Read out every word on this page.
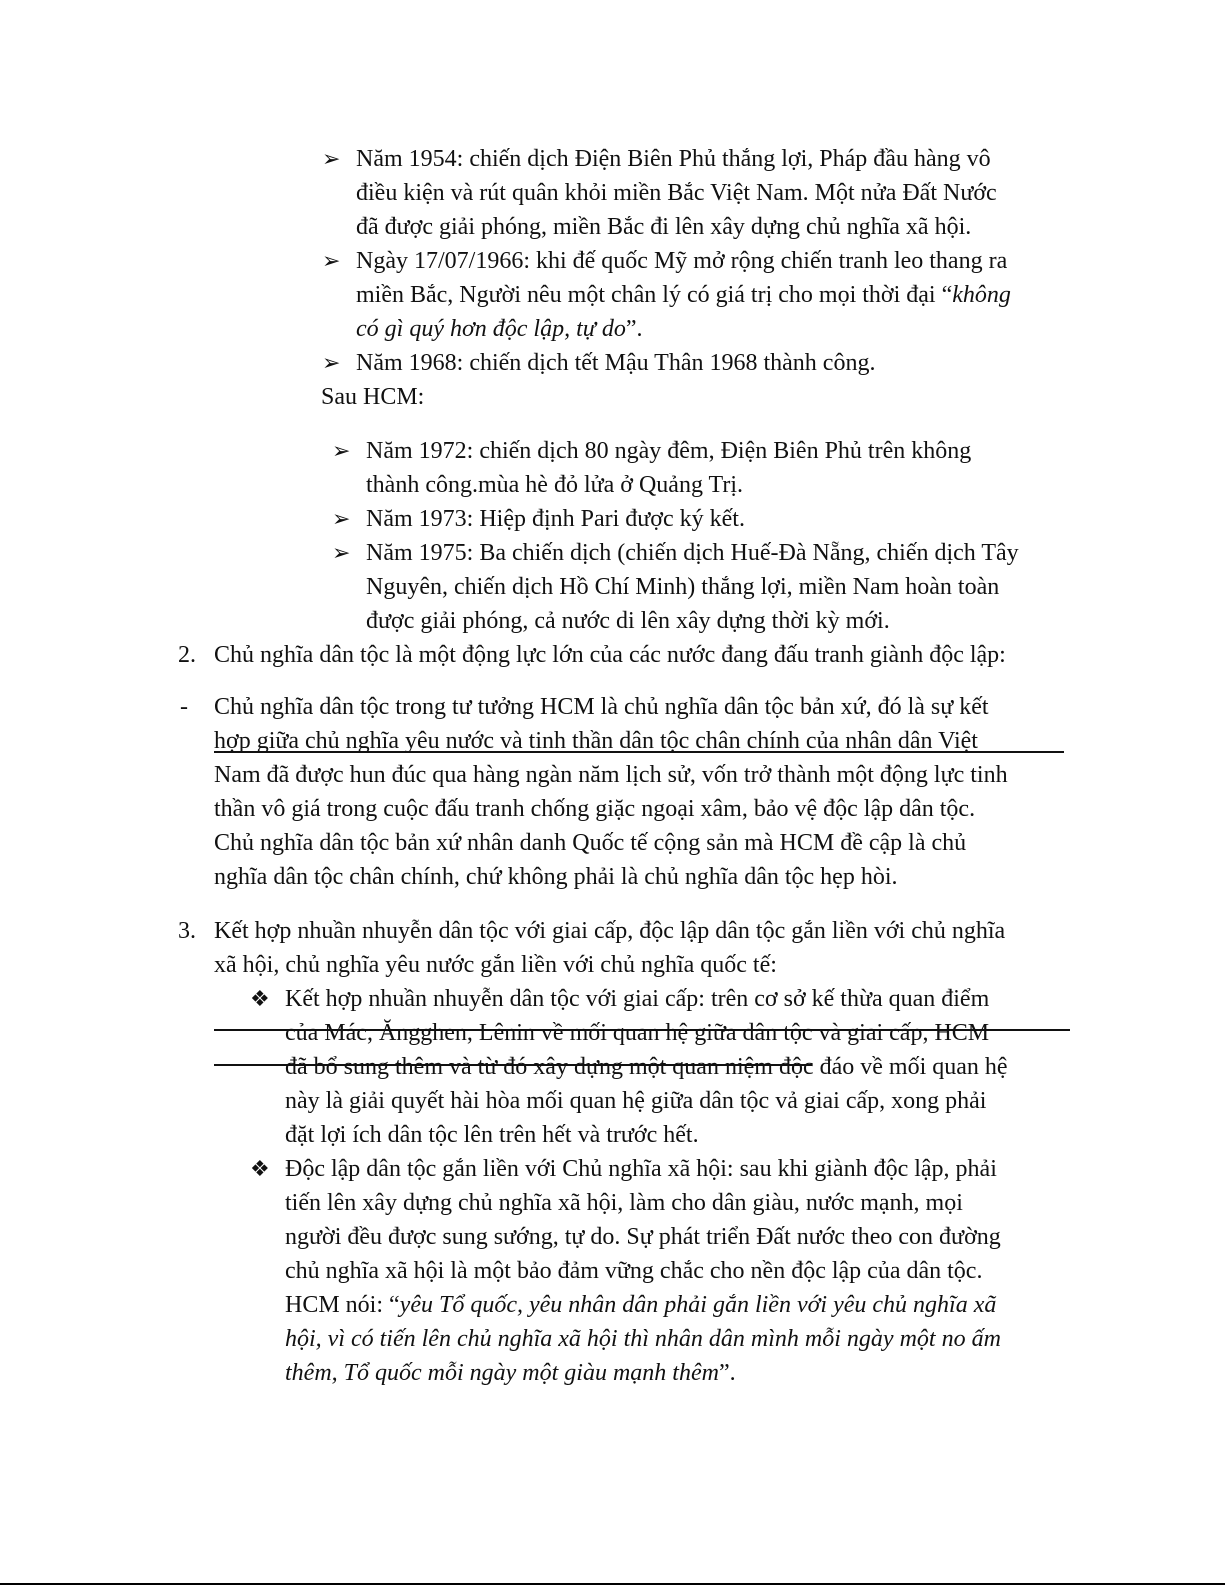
➢ Năm 1954: chiến dịch Điện Biên Phủ thắng lợi, Pháp đầu hàng vô
điều kiện và rút quân khỏi miền Bắc Việt Nam. Một nửa Đất Nước
đã được giải phóng, miền Bắc đi lên xây dựng chủ nghĩa xã hội.
➢ Ngày 17/07/1966: khi đế quốc Mỹ mở rộng chiến tranh leo thang ra
miền Bắc, Người nêu một chân lý có giá trị cho mọi thời đại “không
có gì quý hơn độc lập, tự do”.
➢ Năm 1968: chiến dịch tết Mậu Thân 1968 thành công.
Sau HCM:
➢ Năm 1972: chiến dịch 80 ngày đêm, Điện Biên Phủ trên không
thành công.mùa hè đỏ lửa ở Quảng Trị.
➢ Năm 1973: Hiệp định Pari được ký kết.
➢ Năm 1975: Ba chiến dịch (chiến dịch Huế-Đà Nẵng, chiến dịch Tây
Nguyên, chiến dịch Hồ Chí Minh) thắng lợi, miền Nam hoàn toàn
được giải phóng, cả nước di lên xây dựng thời kỳ mới.
2. Chủ nghĩa dân tộc là một động lực lớn của các nước đang đấu tranh giành độc lập:
- Chủ nghĩa dân tộc trong tư tưởng HCM là chủ nghĩa dân tộc bản xứ, đó là sự kết
hợp giữa chủ nghĩa yêu nước và tinh thần dân tộc chân chính của nhân dân Việt
Nam đã được hun đúc qua hàng ngàn năm lịch sử, vốn trở thành một động lực tinh
thần vô giá trong cuộc đấu tranh chống giặc ngoại xâm, bảo vệ độc lập dân tộc.
Chủ nghĩa dân tộc bản xứ nhân danh Quốc tế cộng sản mà HCM đề cập là chủ
nghĩa dân tộc chân chính, chứ không phải là chủ nghĩa dân tộc hẹp hòi.
3. Kết hợp nhuần nhuyễn dân tộc với giai cấp, độc lập dân tộc gắn liền với chủ nghĩa
xã hội, chủ nghĩa yêu nước gắn liền với chủ nghĩa quốc tế:
❖ Kết hợp nhuần nhuyễn dân tộc với giai cấp: trên cơ sở kế thừa quan điểm
của Mác, Ăngghen, Lênin về mối quan hệ giữa dân tộc và giai cấp, HCM
đã bổ sung thêm và từ đó xây dựng một quan niệm độc đáo về mối quan hệ
này là giải quyết hài hòa mối quan hệ giữa dân tộc vả giai cấp, xong phải
đặt lợi ích dân tộc lên trên hết và trước hết.
❖ Độc lập dân tộc gắn liền với Chủ nghĩa xã hội: sau khi giành độc lập, phải
tiến lên xây dựng chủ nghĩa xã hội, làm cho dân giàu, nước mạnh, mọi
người đều được sung sướng, tự do. Sự phát triển Đất nước theo con đường
chủ nghĩa xã hội là một bảo đảm vững chắc cho nền độc lập của dân tộc.
HCM nói: “yêu Tổ quốc, yêu nhân dân phải gắn liền với yêu chủ nghĩa xã
hội, vì có tiến lên chủ nghĩa xã hội thì nhân dân mình mỗi ngày một no ấm
thêm, Tổ quốc mỗi ngày một giàu mạnh thêm”.
